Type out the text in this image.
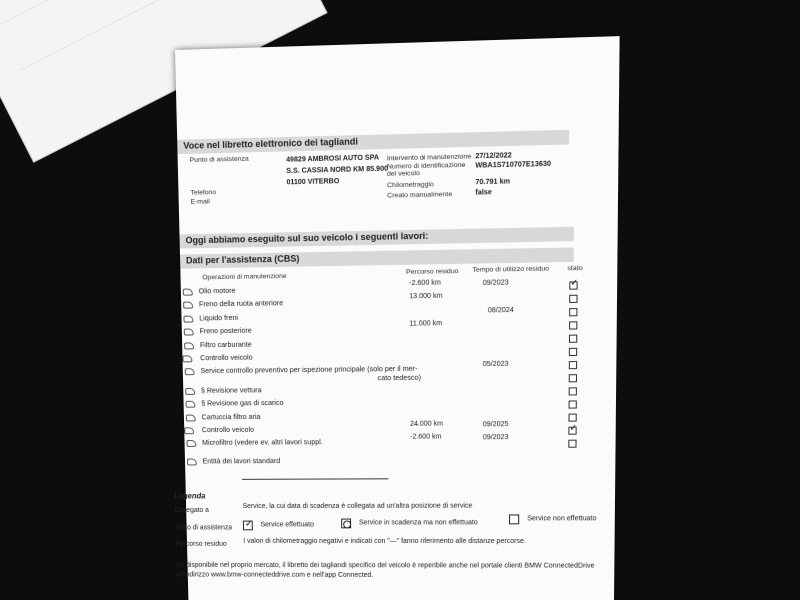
Voce nel libretto elettronico dei tagliandi
Punto di assistenza	49829 AMBROSI AUTO SPA
S.S. CASSIA NORD KM 85.900
01100 VITERBO
Intervento di manutenzione 27/12/2022
Numero di identificazione del veicolo
WBA1S710707E13630
Chilometraggio	70.791 km
Telefono
E-mail
Creato manualmente	false
Oggi abbiamo eseguito sul suo veicolo i seguenti lavori:
Dati per l'assistenza (CBS)
Operazioni di manutenzione
Percorso residuo Tempo di utilizzo residuo	stato
Olio motore
-2.600 km	09/2023
✓
Freno della ruota anteriore
13.000 km
Liquido freni
08/2024
Freno posteriore
11.000 km
Filtro carburante
Controllo veicolo
Service controllo preventivo per ispezione principale (solo per il mer-
cato tedesco)
05/2023
§ Revisione vettura
§ Revisione gas di scarico
Cartuccia filtro aria
Controllo veicolo
24.000 km	09/2025
Microfiltro (vedere ev. altri lavori suppl.
-2.600 km	09/2023
✓
Entità dei lavori standard
Legenda
Collegato a
Service, la cui data di scadenza è collegata ad un'altra posizione di service
Stato di assistenza
✓	Service effettuato	Service in scadenza ma non effettuato
Service non effettuato
Percorso residuo I valori di chilometraggio negativi e indicati con "—" fanno riferimento alle distanze percorse.
Se disponibile nel proprio mercato, il libretto dei tagliandi specifico del veicolo è reperibile anche nel portale clienti BMW ConnectedDrive
all'indirizzo www.bmw-connecteddrive.com e nell'app Connected.
